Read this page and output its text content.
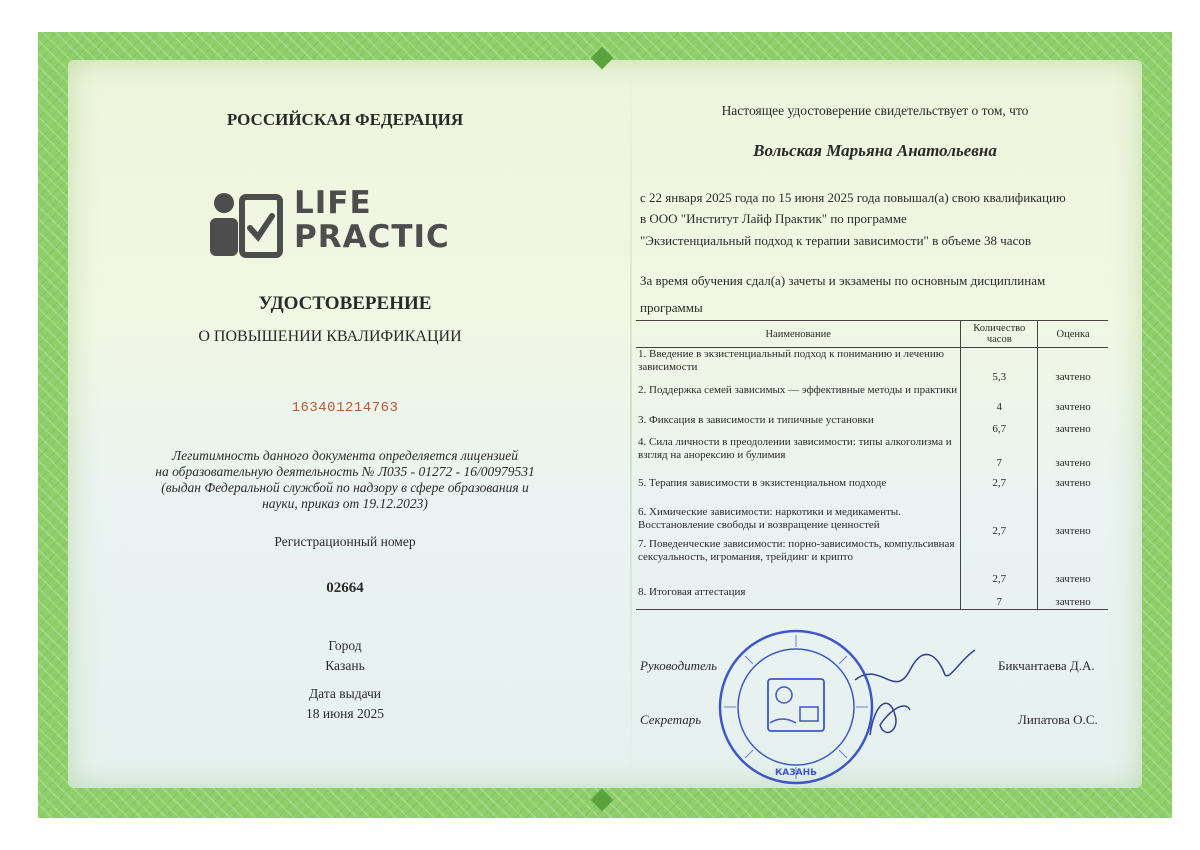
РОССИЙСКАЯ ФЕДЕРАЦИЯ
LIFE
PRACTIC
УДОСТОВЕРЕНИЕ
О ПОВЫШЕНИИ КВАЛИФИКАЦИИ
163401214763
Легитимность данного документа определяется лицензией
на образовательную деятельность № Л035 - 01272 - 16/00979531
(выдан Федеральной службой по надзору в сфере образования и
науки, приказ от 19.12.2023)
Регистрационный номер
02664
Город
Казань
Дата выдачи
18 июня 2025
Настоящее удостоверение свидетельствует о том, что
Вольская Марьяна Анатольевна
с 22 января 2025 года по 15 июня 2025 года повышал(а) свою квалификацию
в ООО "Институт Лайф Практик" по программе
"Экзистенциальный подход к терапии зависимости" в объеме 38 часов
За время обучения сдал(а) зачеты и экзамены по основным дисциплинам
программы
Наименование	Количество часов	Оценка
1. Введение в экзистенциальный подход к пониманию и лечению зависимости	5,3	зачтено
2. Поддержка семей зависимых — эффективные методы и практики	4	зачтено
3. Фиксация в зависимости и типичные установки	6,7	зачтено
4. Сила личности в преодолении зависимости: типы алкоголизма и взгляд на анорексию и булимия	7	зачтено
5. Терапия зависимости в экзистенциальном подходе	2,7	зачтено
6. Химические зависимости: наркотики и медикаменты. Восстановление свободы и возвращение ценностей	2,7	зачтено
7. Поведенческие зависимости: порно-зависимость, компульсивная сексуальность, игромания, трейдинг и крипто	2,7	зачтено
8. Итоговая аттестация	7	зачтено
Руководитель	Бикчантаева Д.А.
Секретарь	Липатова О.С.
КАЗАНЬ
